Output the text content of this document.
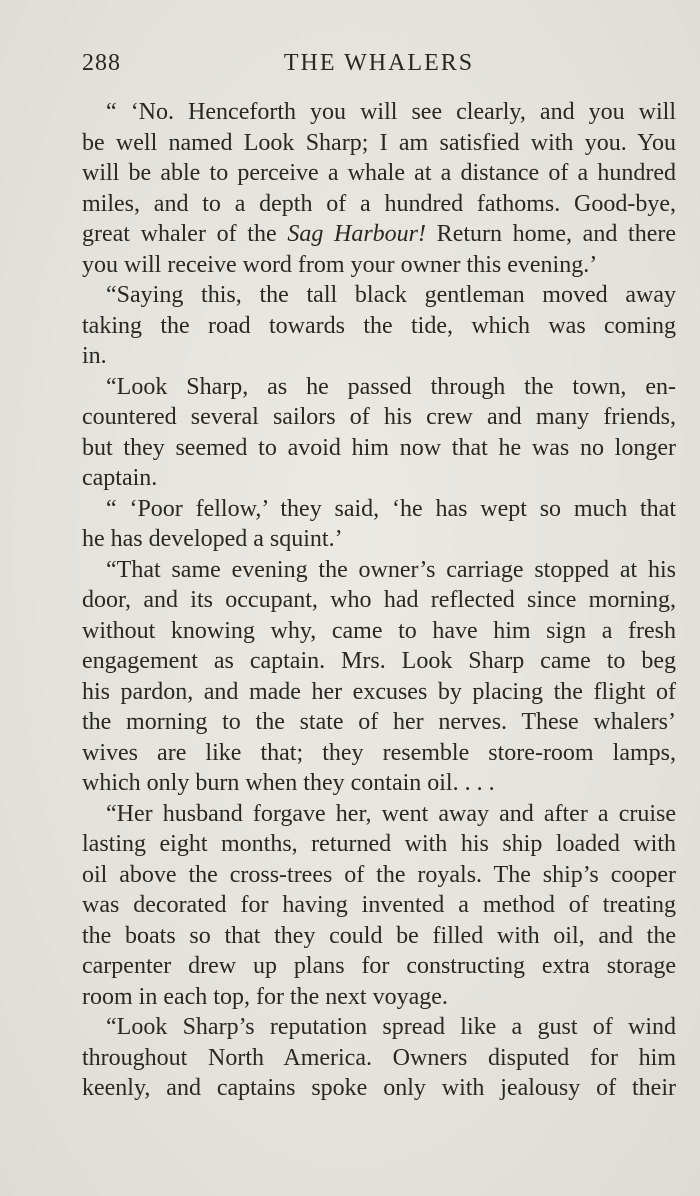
288	THE WHALERS
“ ‘No. Henceforth you will see clearly, and you will
be well named Look Sharp; I am satisfied with you. You
will be able to perceive a whale at a distance of a hundred
miles, and to a depth of a hundred fathoms. Good-bye,
great whaler of the Sag Harbour! Return home, and there
you will receive word from your owner this evening.’
“Saying this, the tall black gentleman moved away
taking the road towards the tide, which was coming
in.
“Look Sharp, as he passed through the town, en-
countered several sailors of his crew and many friends,
but they seemed to avoid him now that he was no longer
captain.
“ ‘Poor fellow,’ they said, ‘he has wept so much that
he has developed a squint.’
“That same evening the owner’s carriage stopped at his
door, and its occupant, who had reflected since morning,
without knowing why, came to have him sign a fresh
engagement as captain. Mrs. Look Sharp came to beg
his pardon, and made her excuses by placing the flight of
the morning to the state of her nerves. These whalers’
wives are like that; they resemble store-room lamps,
which only burn when they contain oil. . . .
“Her husband forgave her, went away and after a cruise
lasting eight months, returned with his ship loaded with
oil above the cross-trees of the royals. The ship’s cooper
was decorated for having invented a method of treating
the boats so that they could be filled with oil, and the
carpenter drew up plans for constructing extra storage
room in each top, for the next voyage.
“Look Sharp’s reputation spread like a gust of wind
throughout North America. Owners disputed for him
keenly, and captains spoke only with jealousy of their
